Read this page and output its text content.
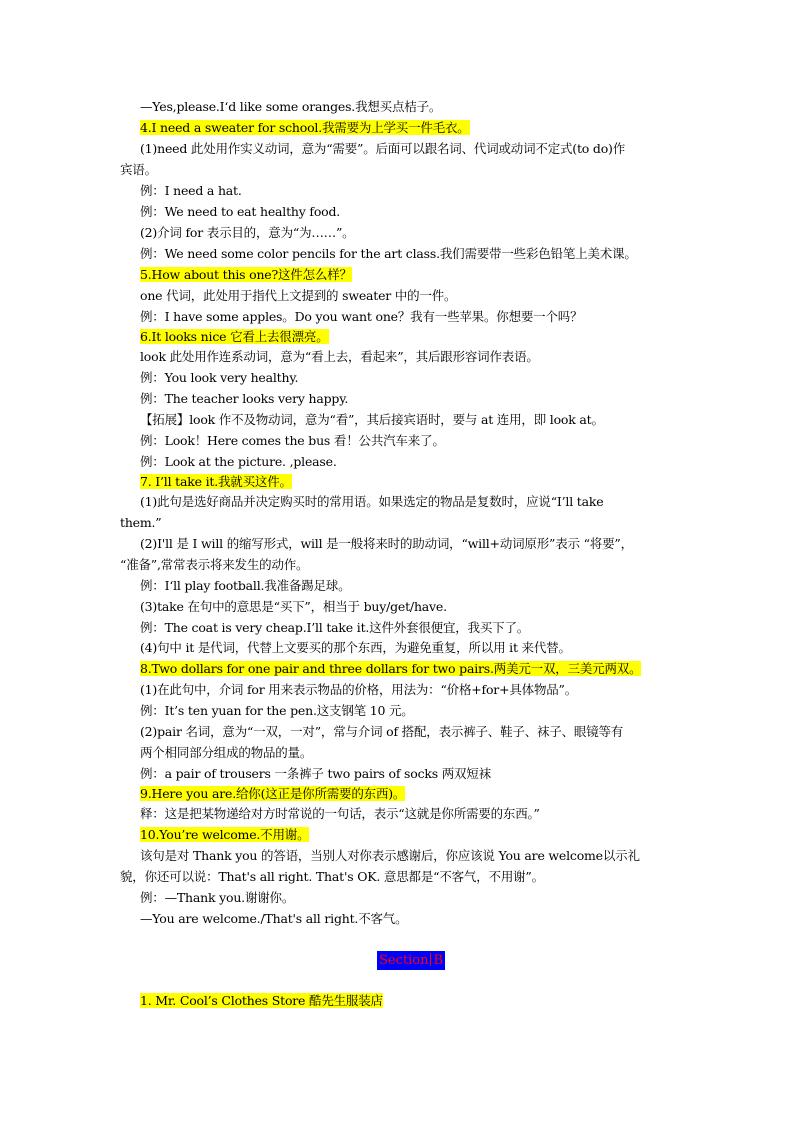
—Yes,please.I‘d like some oranges.我想买点桔子。
4.I need a sweater for school.我需要为上学买一件毛衣。
(1)need 此处用作实义动词，意为“需要”。后面可以跟名词、代词或动词不定式(to do)作
宾语。
例：I need a hat.
例：We need to eat healthy food.
(2)介词 for 表示目的，意为“为……”。
例：We need some color pencils for the art class.我们需要带一些彩色铅笔上美术课。
5.How about this one?这件怎么样？
one 代词，此处用于指代上文提到的 sweater 中的一件。
例：I have some apples。Do you want one？我有一些苹果。你想要一个吗？
6.It looks nice 它看上去很漂亮。
look 此处用作连系动词，意为“看上去，看起来”，其后跟形容词作表语。
例：You look very healthy.
例：The teacher looks very happy.
【拓展】look 作不及物动词，意为“看”，其后接宾语时，要与 at 连用，即 look at。
例：Look！Here comes the bus 看！公共汽车来了。
例：Look at the picture. ,please.
7. I’ll take it.我就买这件。
(1)此句是选好商品并决定购买时的常用语。如果选定的物品是复数时，应说“I’ll take
them.”
(2)I'll 是 I will 的缩写形式，will 是一般将来时的助动词，“will+动词原形”表示 “将要”，
“准备”,常常表示将来发生的动作。
例：I‘ll play football.我准备踢足球。
(3)take 在句中的意思是“买下”，相当于 buy/get/have.
例：The coat is very cheap.I’ll take it.这件外套很便宜，我买下了。
(4)句中 it 是代词，代替上文要买的那个东西，为避免重复，所以用 it 来代替。
8.Two dollars for one pair and three dollars for two pairs.两美元一双，三美元两双。
(1)在此句中，介词 for 用来表示物品的价格，用法为：“价格+for+具体物品”。
例：It’s ten yuan for the pen.这支钢笔 10 元。
(2)pair 名词，意为“一双，一对”，常与介词 of 搭配，表示裤子、鞋子、袜子、眼镜等有
两个相同部分组成的物品的量。
例：a pair of trousers 一条裤子 two pairs of socks 两双短袜
9.Here you are.给你(这正是你所需要的东西)。
释：这是把某物递给对方时常说的一句话，表示“这就是你所需要的东西。”
10.You’re welcome.不用谢。
该句是对 Thank you 的答语，当别人对你表示感谢后，你应该说 You are welcome以示礼
貌，你还可以说：That's all right. That's OK. 意思都是“不客气，不用谢”。
例：—Thank you.谢谢你。
—You are welcome./That's all right.不客气。
Section B
1. Mr. Cool’s Clothes Store 酷先生服装店
